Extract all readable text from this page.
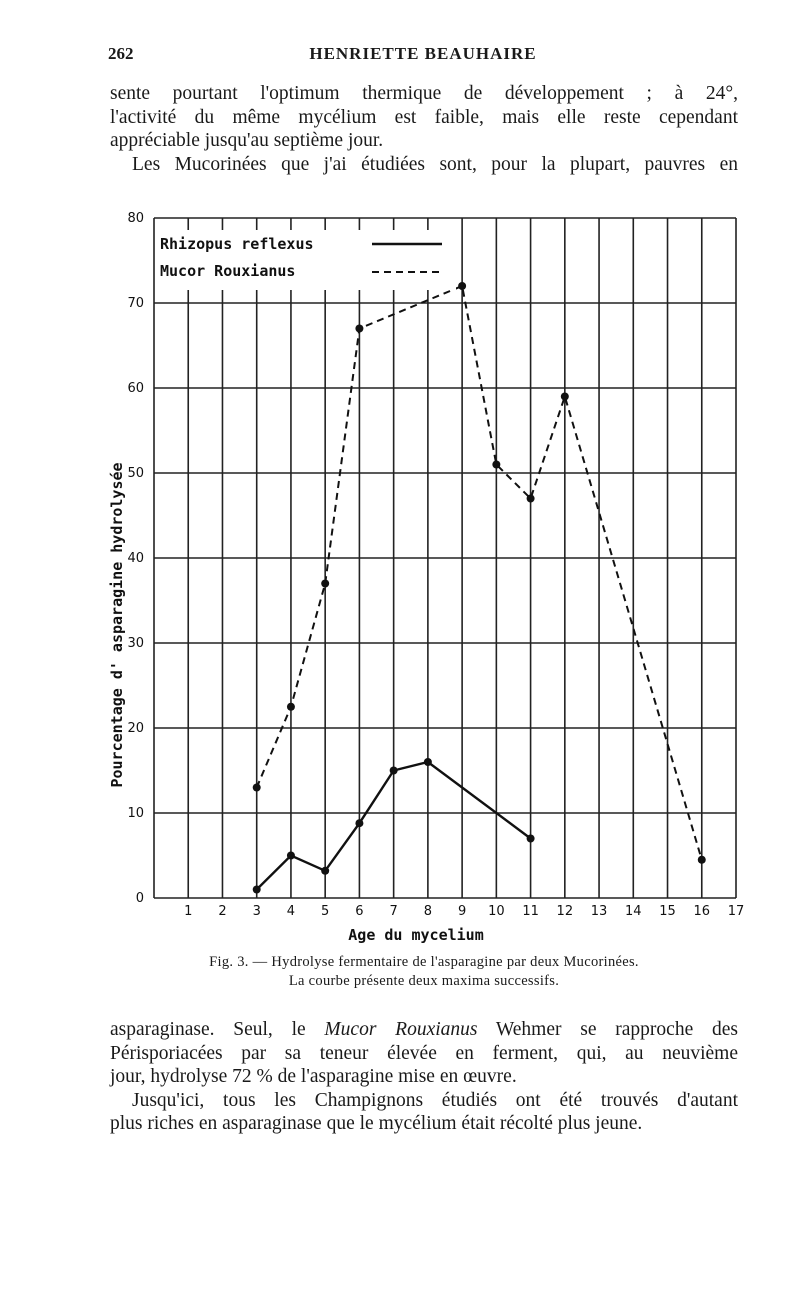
262	HENRIETTE BEAUHAIRE
sente pourtant l'optimum thermique de développement ; à 24°,
l'activité du même mycélium est faible, mais elle reste cependant
appréciable jusqu'au septième jour.
Les Mucorinées que j'ai étudiées sont, pour la plupart, pauvres en
1 2 3 4 5 6 7 8 9 10 11 12 13 14 15 16 17
0
10
20
30
40
50
60
70
80
Rhizopus reflexus
Mucor Rouxianus
Age du mycelium
Pourcentage d' asparagine hydrolysée
Fig. 3. — Hydrolyse fermentaire de l'asparagine par deux Mucorinées.
La courbe présente deux maxima successifs.
asparaginase. Seul, le Mucor Rouxianus Wehmer se rapproche des
Périsporiacées par sa teneur élevée en ferment, qui, au neuvième
jour, hydrolyse 72 % de l'asparagine mise en œuvre.
Jusqu'ici, tous les Champignons étudiés ont été trouvés d'autant
plus riches en asparaginase que le mycélium était récolté plus jeune.
